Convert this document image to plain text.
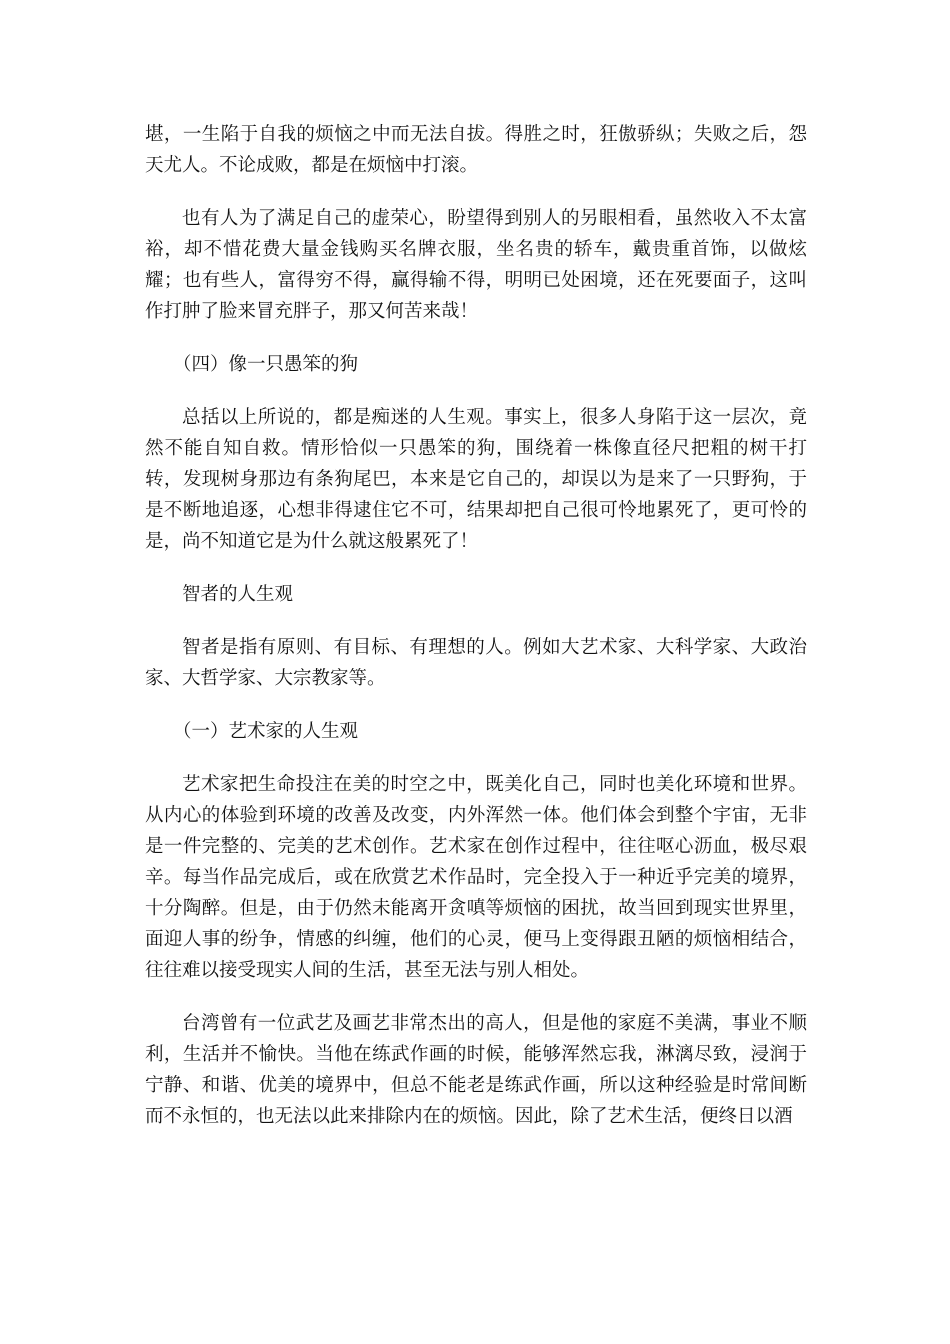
堪，一生陷于自我的烦恼之中而无法自拔。得胜之时，狂傲骄纵；失败之后，怨天尤人。不论成败，都是在烦恼中打滚。

也有人为了满足自己的虚荣心，盼望得到别人的另眼相看，虽然收入不太富裕，却不惜花费大量金钱购买名牌衣服，坐名贵的轿车，戴贵重首饰，以做炫耀；也有些人，富得穷不得，赢得输不得，明明已处困境，还在死要面子，这叫作打肿了脸来冒充胖子，那又何苦来哉！

（四）像一只愚笨的狗

总括以上所说的，都是痴迷的人生观。事实上，很多人身陷于这一层次，竟然不能自知自救。情形恰似一只愚笨的狗，围绕着一株像直径尺把粗的树干打转，发现树身那边有条狗尾巴，本来是它自己的，却误以为是来了一只野狗，于是不断地追逐，心想非得逮住它不可，结果却把自己很可怜地累死了，更可怜的是，尚不知道它是为什么就这般累死了！

智者的人生观

智者是指有原则、有目标、有理想的人。例如大艺术家、大科学家、大政治家、大哲学家、大宗教家等。

（一）艺术家的人生观

艺术家把生命投注在美的时空之中，既美化自己，同时也美化环境和世界。从内心的体验到环境的改善及改变，内外浑然一体。他们体会到整个宇宙，无非是一件完整的、完美的艺术创作。艺术家在创作过程中，往往呕心沥血，极尽艰辛。每当作品完成后，或在欣赏艺术作品时，完全投入于一种近乎完美的境界，十分陶醉。但是，由于仍然未能离开贪嗔等烦恼的困扰，故当回到现实世界里，面迎人事的纷争，情感的纠缠，他们的心灵，便马上变得跟丑陋的烦恼相结合，往往难以接受现实人间的生活，甚至无法与别人相处。

台湾曾有一位武艺及画艺非常杰出的高人，但是他的家庭不美满，事业不顺利，生活并不愉快。当他在练武作画的时候，能够浑然忘我，淋漓尽致，浸润于宁静、和谐、优美的境界中，但总不能老是练武作画，所以这种经验是时常间断而不永恒的，也无法以此来排除内在的烦恼。因此，除了艺术生活，便终日以酒
